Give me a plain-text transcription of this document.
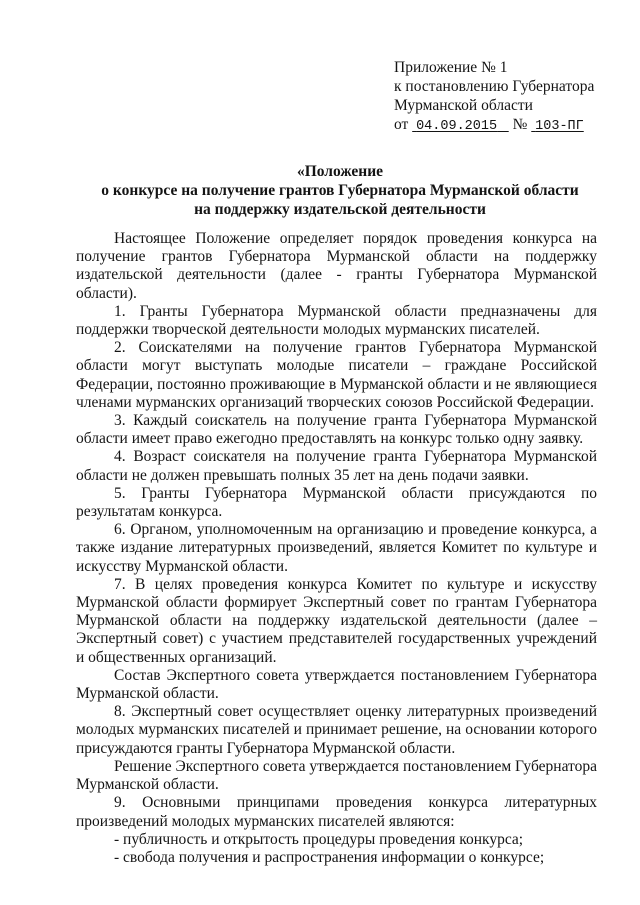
Приложение № 1
к постановлению Губернатора
Мурманской области
от 04.09.2015 № 103-ПГ
«Положение
о конкурсе на получение грантов Губернатора Мурманской области
на поддержку издательской деятельности

Настоящее Положение определяет порядок проведения конкурса на получение грантов Губернатора Мурманской области на поддержку издательской деятельности (далее - гранты Губернатора Мурманской области).

1. Гранты Губернатора Мурманской области предназначены для поддержки творческой деятельности молодых мурманских писателей.

2. Соискателями на получение грантов Губернатора Мурманской области могут выступать молодые писатели – граждане Российской Федерации, постоянно проживающие в Мурманской области и не являющиеся членами мурманских организаций творческих союзов Российской Федерации.

3. Каждый соискатель на получение гранта Губернатора Мурманской области имеет право ежегодно предоставлять на конкурс только одну заявку.

4. Возраст соискателя на получение гранта Губернатора Мурманской области не должен превышать полных 35 лет на день подачи заявки.

5. Гранты Губернатора Мурманской области присуждаются по результатам конкурса.

6. Органом, уполномоченным на организацию и проведение конкурса, а также издание литературных произведений, является Комитет по культуре и искусству Мурманской области.

7. В целях проведения конкурса Комитет по культуре и искусству Мурманской области формирует Экспертный совет по грантам Губернатора Мурманской области на поддержку издательской деятельности (далее – Экспертный совет) с участием представителей государственных учреждений и общественных организаций.

Состав Экспертного совета утверждается постановлением Губернатора Мурманской области.

8. Экспертный совет осуществляет оценку литературных произведений молодых мурманских писателей и принимает решение, на основании которого присуждаются гранты Губернатора Мурманской области.

Решение Экспертного совета утверждается постановлением Губернатора Мурманской области.

9. Основными принципами проведения конкурса литературных произведений молодых мурманских писателей являются:

- публичность и открытость процедуры проведения конкурса;

- свобода получения и распространения информации о конкурсе;
